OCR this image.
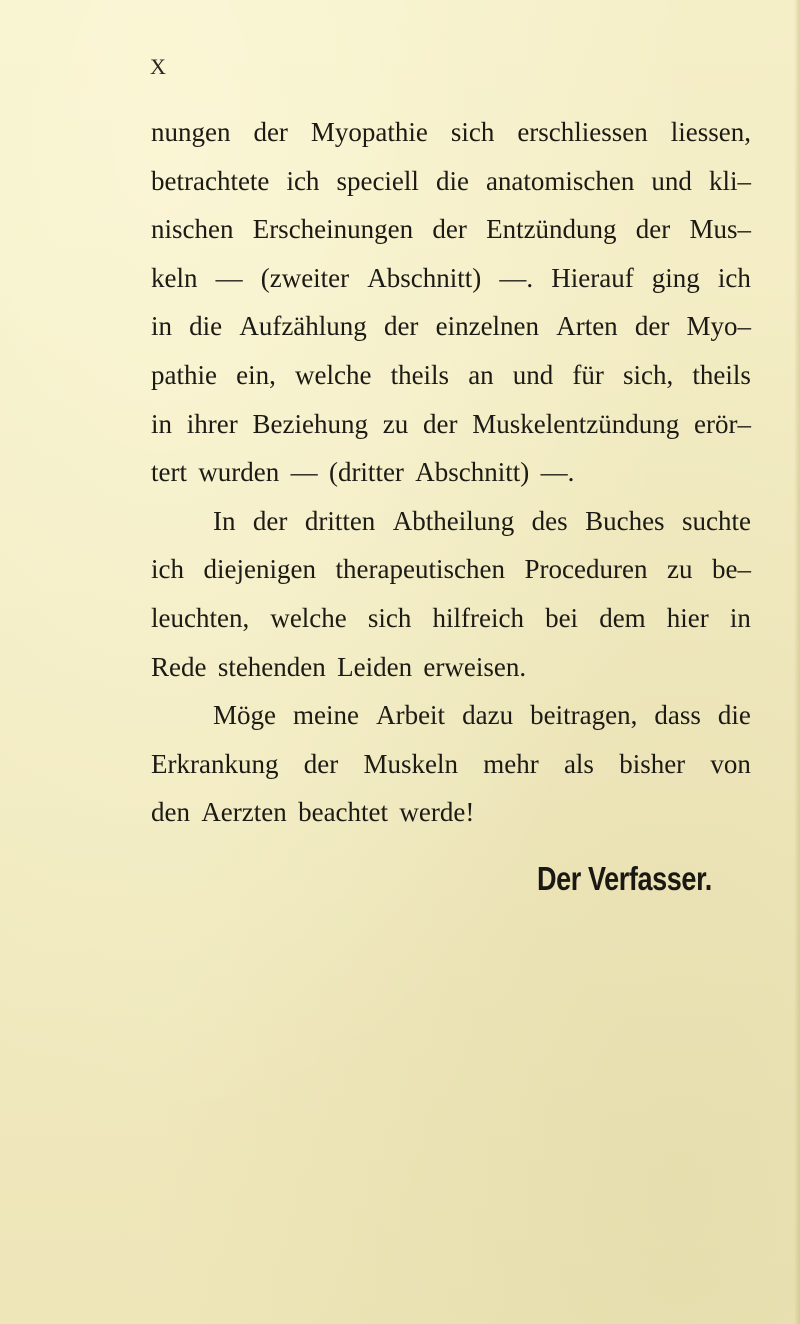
X
nungen der Myopathie sich erschliessen liessen,
betrachtete ich speciell die anatomischen und kli–
nischen Erscheinungen der Entzündung der Mus–
keln — (zweiter Abschnitt) —. Hierauf ging ich
in die Aufzählung der einzelnen Arten der Myo–
pathie ein, welche theils an und für sich, theils
in ihrer Beziehung zu der Muskelentzündung erör–
tert wurden — (dritter Abschnitt) —.
In der dritten Abtheilung des Buches suchte
ich diejenigen therapeutischen Proceduren zu be–
leuchten, welche sich hilfreich bei dem hier in
Rede stehenden Leiden erweisen.
Möge meine Arbeit dazu beitragen, dass die
Erkrankung der Muskeln mehr als bisher von
den Aerzten beachtet werde!
Der Verfasser.
